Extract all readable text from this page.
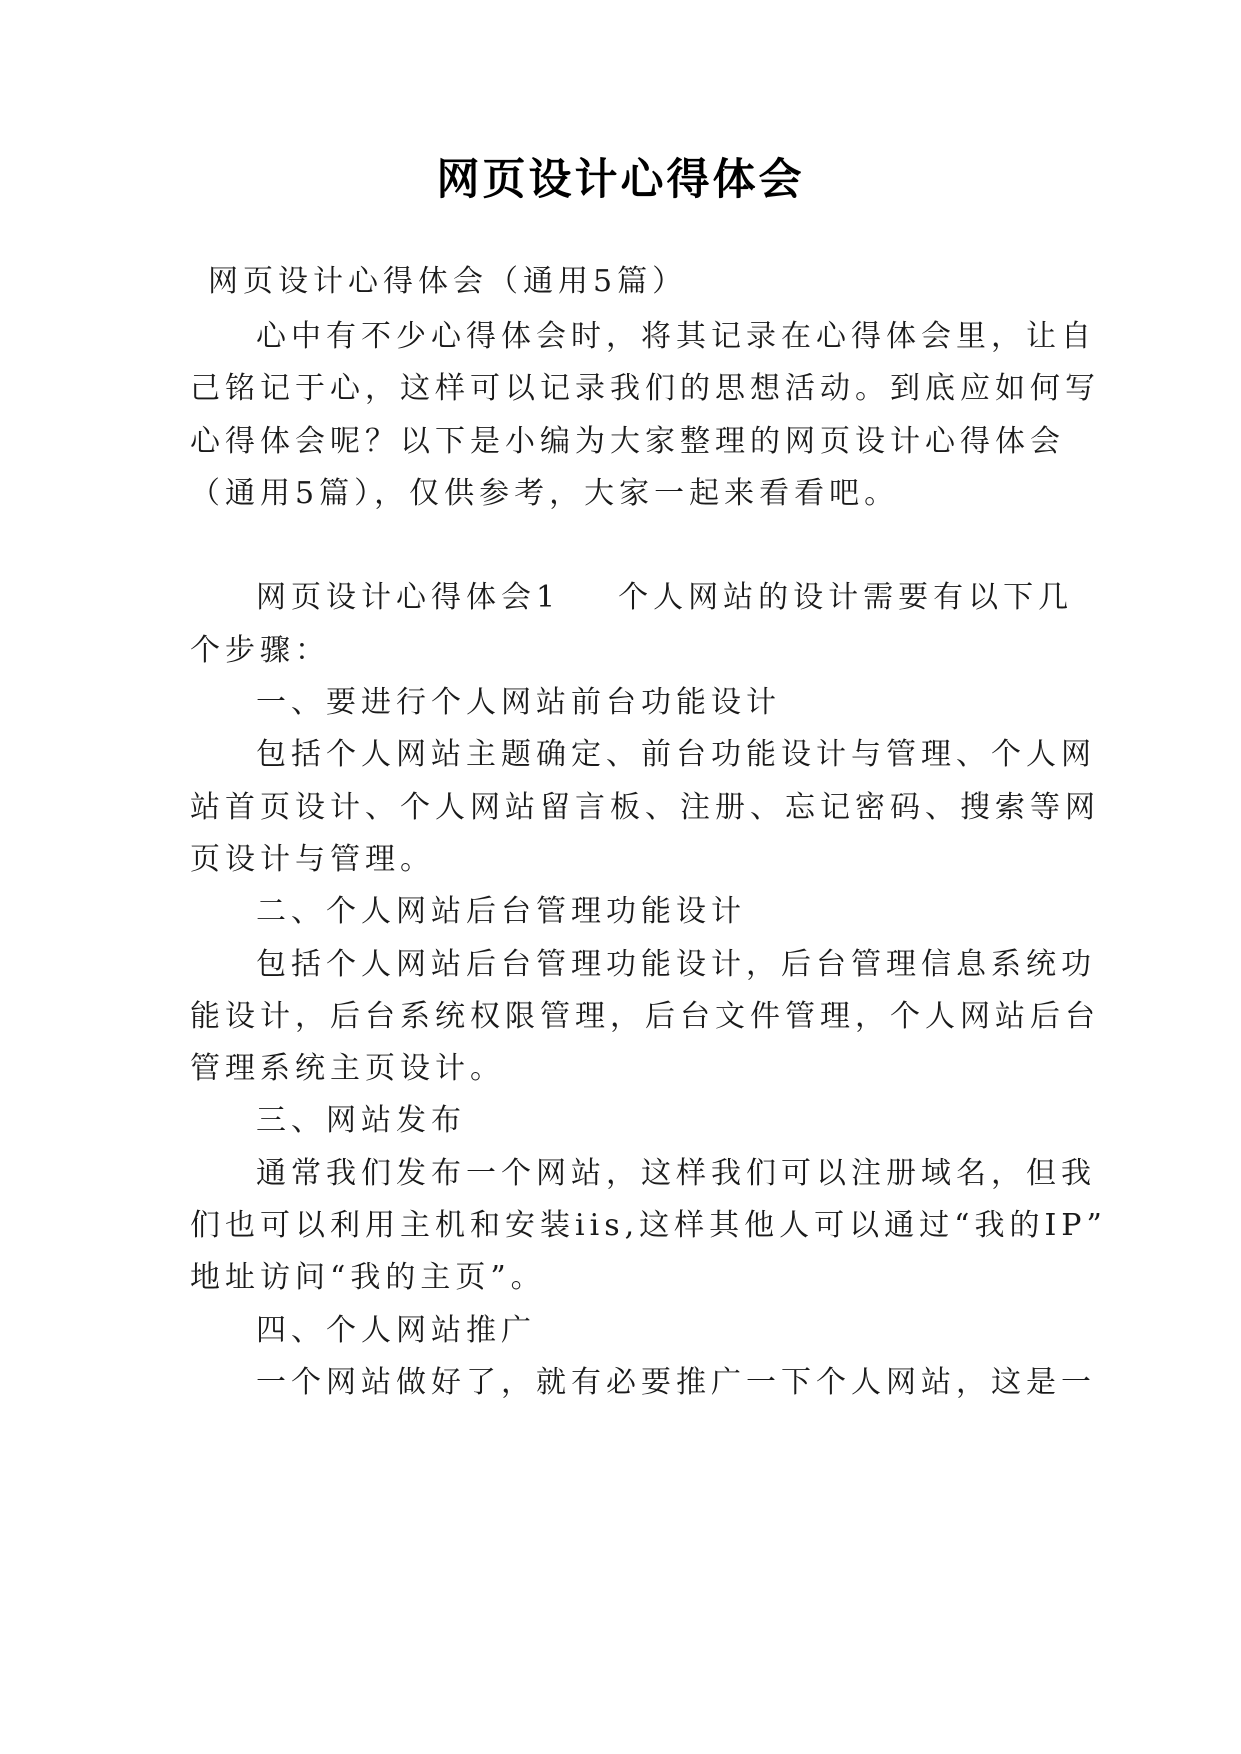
网页设计心得体会
网页设计心得体会（通用5篇）
心中有不少心得体会时，将其记录在心得体会里，让自
己铭记于心，这样可以记录我们的思想活动。到底应如何写
心得体会呢？以下是小编为大家整理的网页设计心得体会
（通用5篇），仅供参考，大家一起来看看吧。
网页设计心得体会1 个人网站的设计需要有以下几
个步骤：
一、要进行个人网站前台功能设计
包括个人网站主题确定、前台功能设计与管理、个人网
站首页设计、个人网站留言板、注册、忘记密码、搜索等网
页设计与管理。
二、个人网站后台管理功能设计
包括个人网站后台管理功能设计，后台管理信息系统功
能设计，后台系统权限管理，后台文件管理，个人网站后台
管理系统主页设计。
三、网站发布
通常我们发布一个网站，这样我们可以注册域名，但我
们也可以利用主机和安装iis,这样其他人可以通过“我的IP”
地址访问“我的主页”。
四、个人网站推广
一个网站做好了，就有必要推广一下个人网站，这是一
